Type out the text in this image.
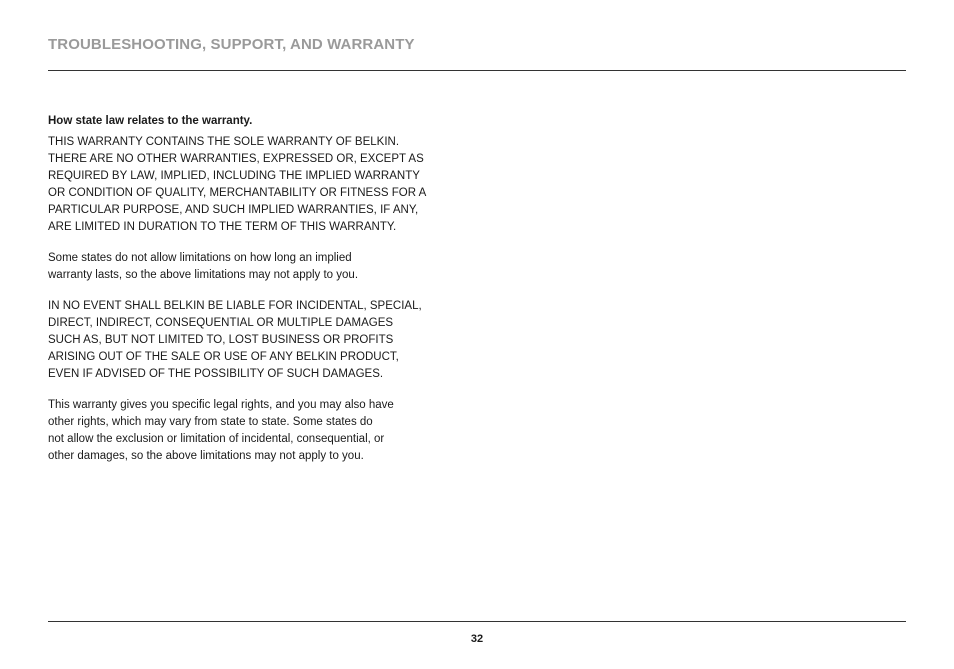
TROUBLESHOOTING, SUPPORT, AND WARRANTY

How state law relates to the warranty.

THIS WARRANTY CONTAINS THE SOLE WARRANTY OF BELKIN.
THERE ARE NO OTHER WARRANTIES, EXPRESSED OR, EXCEPT AS
REQUIRED BY LAW, IMPLIED, INCLUDING THE IMPLIED WARRANTY
OR CONDITION OF QUALITY, MERCHANTABILITY OR FITNESS FOR A
PARTICULAR PURPOSE, AND SUCH IMPLIED WARRANTIES, IF ANY,
ARE LIMITED IN DURATION TO THE TERM OF THIS WARRANTY.

Some states do not allow limitations on how long an implied
warranty lasts, so the above limitations may not apply to you.

IN NO EVENT SHALL BELKIN BE LIABLE FOR INCIDENTAL, SPECIAL,
DIRECT, INDIRECT, CONSEQUENTIAL OR MULTIPLE DAMAGES
SUCH AS, BUT NOT LIMITED TO, LOST BUSINESS OR PROFITS
ARISING OUT OF THE SALE OR USE OF ANY BELKIN PRODUCT,
EVEN IF ADVISED OF THE POSSIBILITY OF SUCH DAMAGES.

This warranty gives you specific legal rights, and you may also have
other rights, which may vary from state to state. Some states do
not allow the exclusion or limitation of incidental, consequential, or
other damages, so the above limitations may not apply to you.

32
